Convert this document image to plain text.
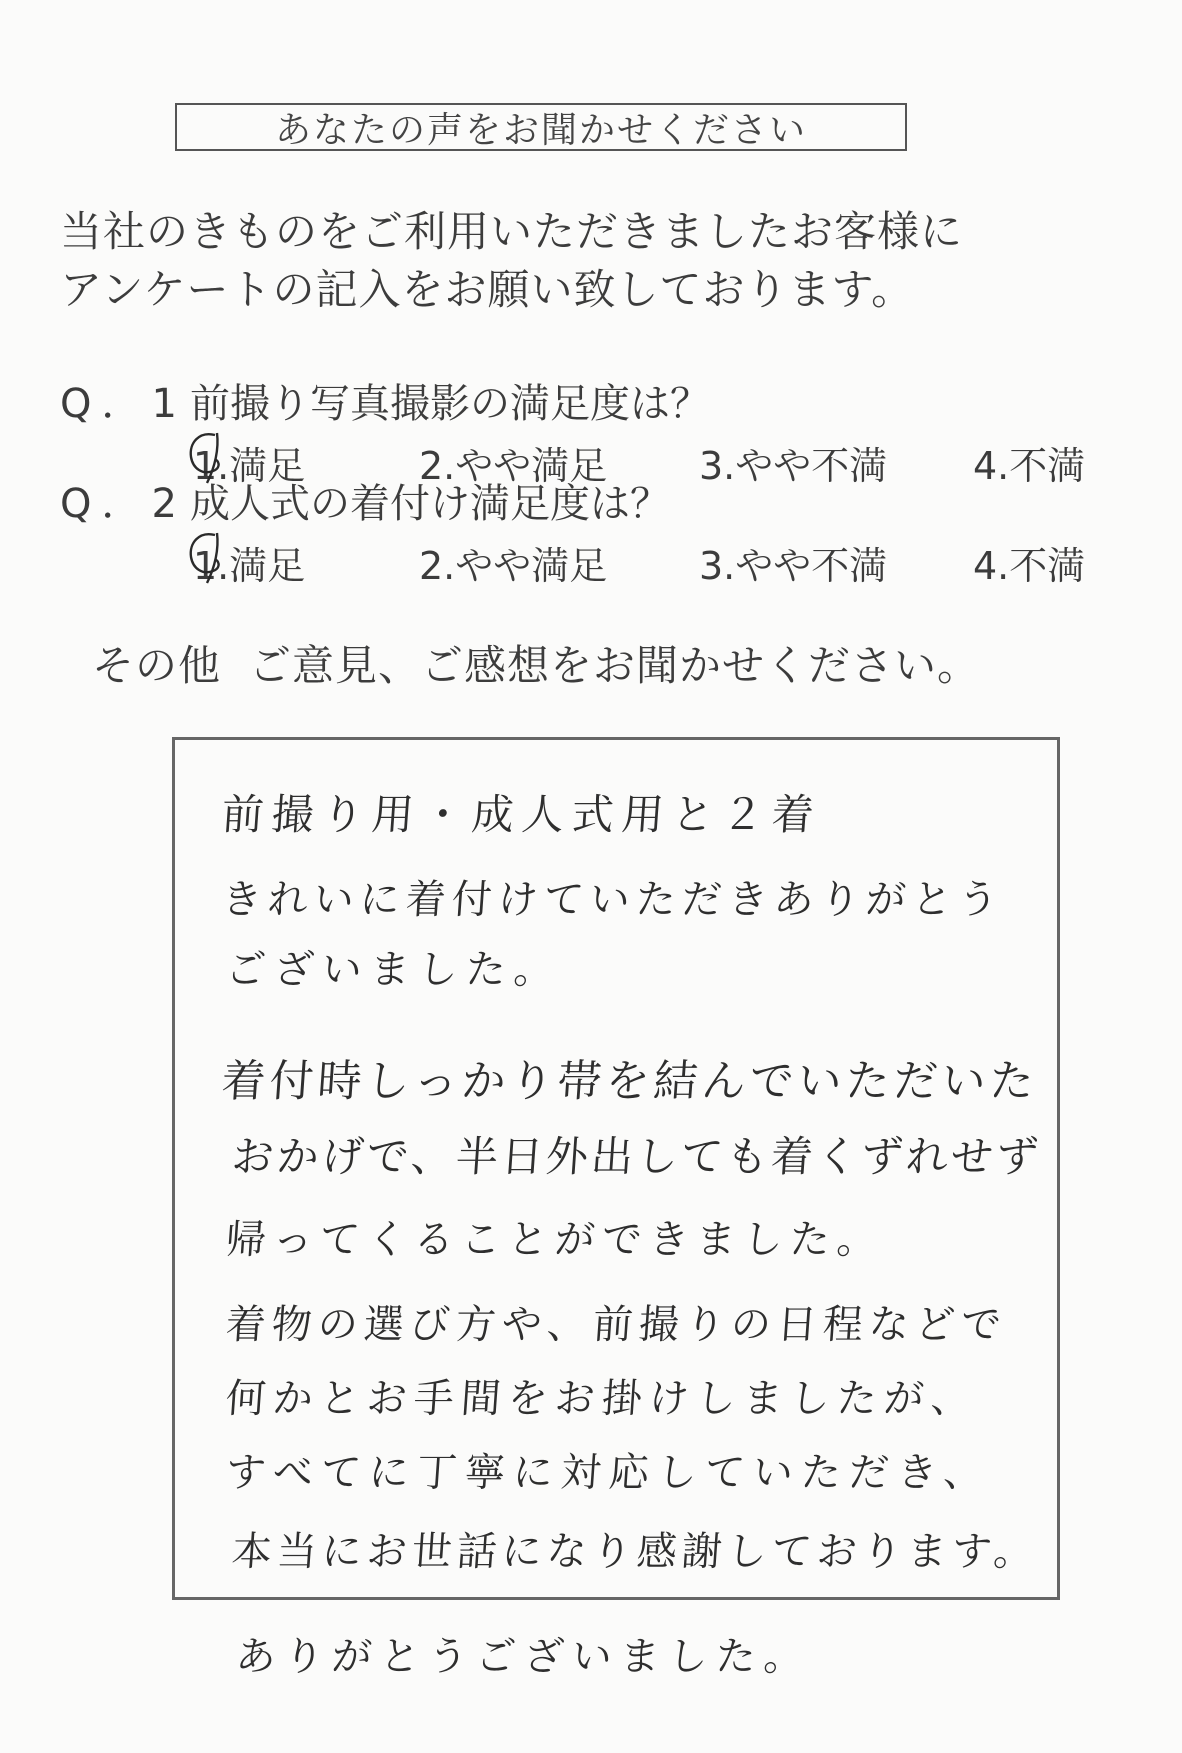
あなたの声をお聞かせください
当社のきものをご利用いただきましたお客様に
アンケートの記入をお願い致しております。
Q．1前撮り写真撮影の満足度は？
1.満足	2.やや満足 3.やや不満 4.不満
Q．2成人式の着付け満足度は？
1.満足	2.やや満足 3.やや不満 4.不満
その他 ご意見、ご感想をお聞かせください。
前撮り用・成人式用と２着
きれいに着付けていただきありがとう
ございました。
着付時しっかり帯を結んでいただいた
おかげで、半日外出しても着くずれせず
帰ってくることができました。
着物の選び方や、前撮りの日程などで
何かとお手間をお掛けしましたが、
すべてに丁寧に対応していただき、
本当にお世話になり感謝しております。
ありがとうございました。
